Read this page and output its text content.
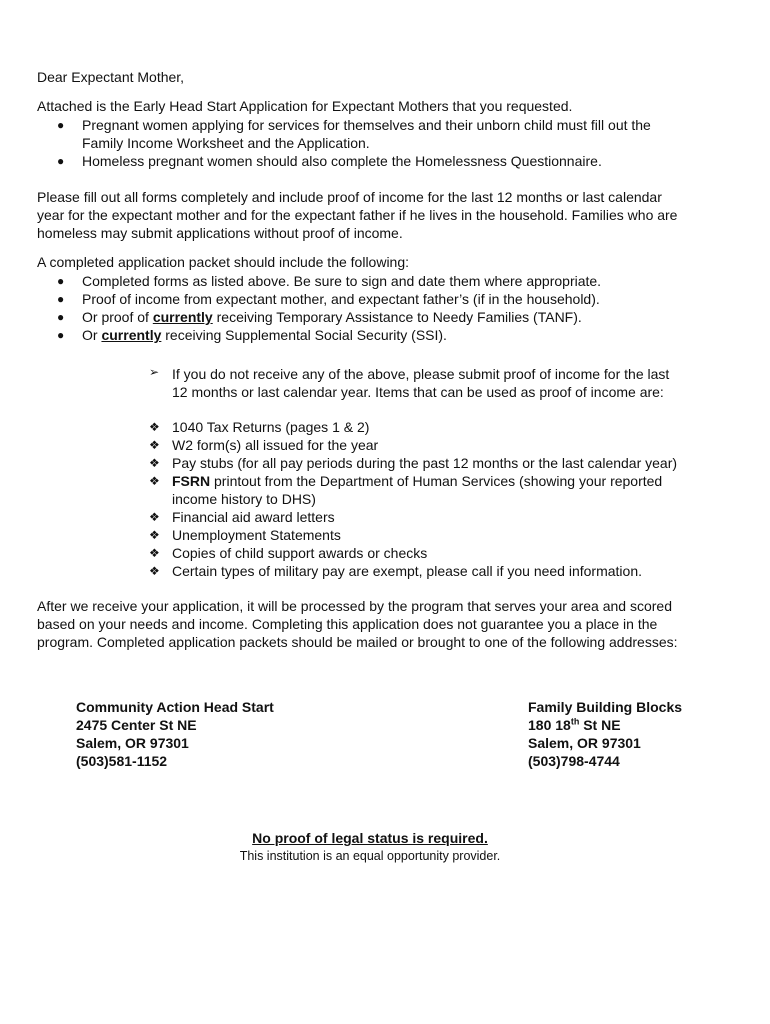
Dear Expectant Mother,

Attached is the Early Head Start Application for Expectant Mothers that you requested.

● Pregnant women applying for services for themselves and their unborn child must fill out the
Family Income Worksheet and the Application.
● Homeless pregnant women should also complete the Homelessness Questionnaire.

Please fill out all forms completely and include proof of income for the last 12 months or last calendar

year for the expectant mother and for the expectant father if he lives in the household. Families who are

homeless may submit applications without proof of income.

A completed application packet should include the following:

● Completed forms as listed above. Be sure to sign and date them where appropriate.
● Proof of income from expectant mother, and expectant father’s (if in the household).
● Or proof of currently receiving Temporary Assistance to Needy Families (TANF).
● Or currently receiving Supplemental Social Security (SSI).
➢ If you do not receive any of the above, please submit proof of income for the last

12 months or last calendar year. Items that can be used as proof of income are:

❖ 1040 Tax Returns (pages 1 & 2)
❖ W2 form(s) all issued for the year
❖ Pay stubs (for all pay periods during the past 12 months or the last calendar year)
❖ FSRN printout from the Department of Human Services (showing your reported
income history to DHS)
❖ Financial aid award letters
❖ Unemployment Statements
❖ Copies of child support awards or checks
❖ Certain types of military pay are exempt, please call if you need information.

After we receive your application, it will be processed by the program that serves your area and scored

based on your needs and income. Completing this application does not guarantee you a place in the

program. Completed application packets should be mailed or brought to one of the following addresses:

Community Action Head Start
2475 Center St NE
Salem, OR 97301
(503)581-1152
Family Building Blocks
180 18th St NE
Salem, OR 97301
(503)798-4744

No proof of legal status is required.

This institution is an equal opportunity provider.
